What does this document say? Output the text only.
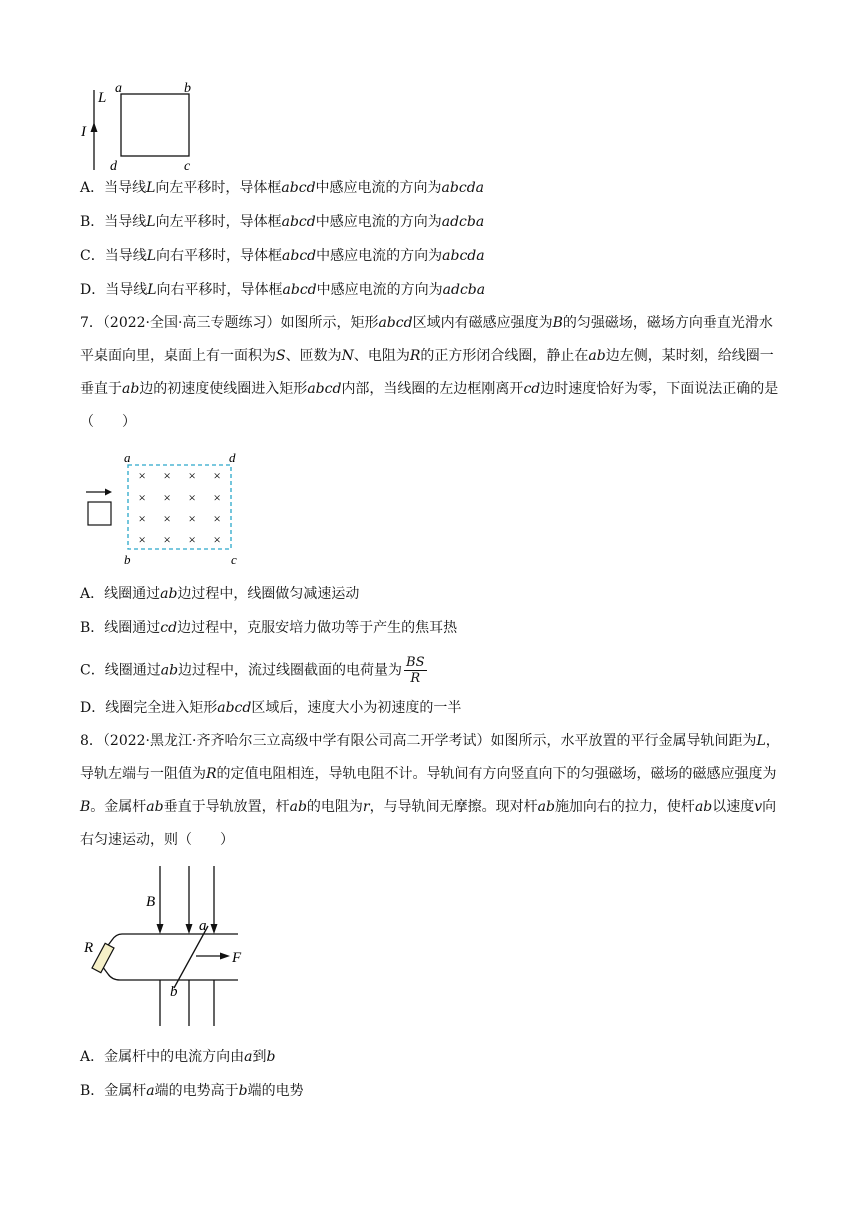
L
I
a	b
d	c
A．当导线L向左平移时，导体框abcd中感应电流的方向为abcda
B．当导线L向左平移时，导体框abcd中感应电流的方向为adcba
C．当导线L向右平移时，导体框abcd中感应电流的方向为abcda
D．当导线L向右平移时，导体框abcd中感应电流的方向为adcba
7．（2022·全国·高三专题练习）如图所示，矩形abcd区域内有磁感应强度为B的匀强磁场，磁场方向垂直光滑水平桌面向里，桌面上有一面积为S、匝数为N、电阻为R的正方形闭合线圈，静止在ab边左侧，某时刻，给线圈一垂直于ab边的初速度使线圈进入矩形abcd内部，当线圈的左边框刚离开cd边时速度恰好为零，下面说法正确的是（　　）
a	d
b	c
× × × ×
× × × ×
× × × ×
× × × ×
A．线圈通过ab边过程中，线圈做匀减速运动
B．线圈通过cd边过程中，克服安培力做功等于产生的焦耳热
C．线圈通过ab边过程中，流过线圈截面的电荷量为 $\frac{BS}{R}$
D．线圈完全进入矩形abcd区域后，速度大小为初速度的一半
8．（2022·黑龙江·齐齐哈尔三立高级中学有限公司高二开学考试）如图所示，水平放置的平行金属导轨间距为L，导轨左端与一阻值为R的定值电阻相连，导轨电阻不计。导轨间有方向竖直向下的匀强磁场，磁场的磁感应强度为B。金属杆ab垂直于导轨放置，杆ab的电阻为r，与导轨间无摩擦。现对杆ab施加向右的拉力，使杆ab以速度v向右匀速运动，则（　　）
B
a
R
F
b
A．金属杆中的电流方向由a到b
B．金属杆a端的电势高于b端的电势
